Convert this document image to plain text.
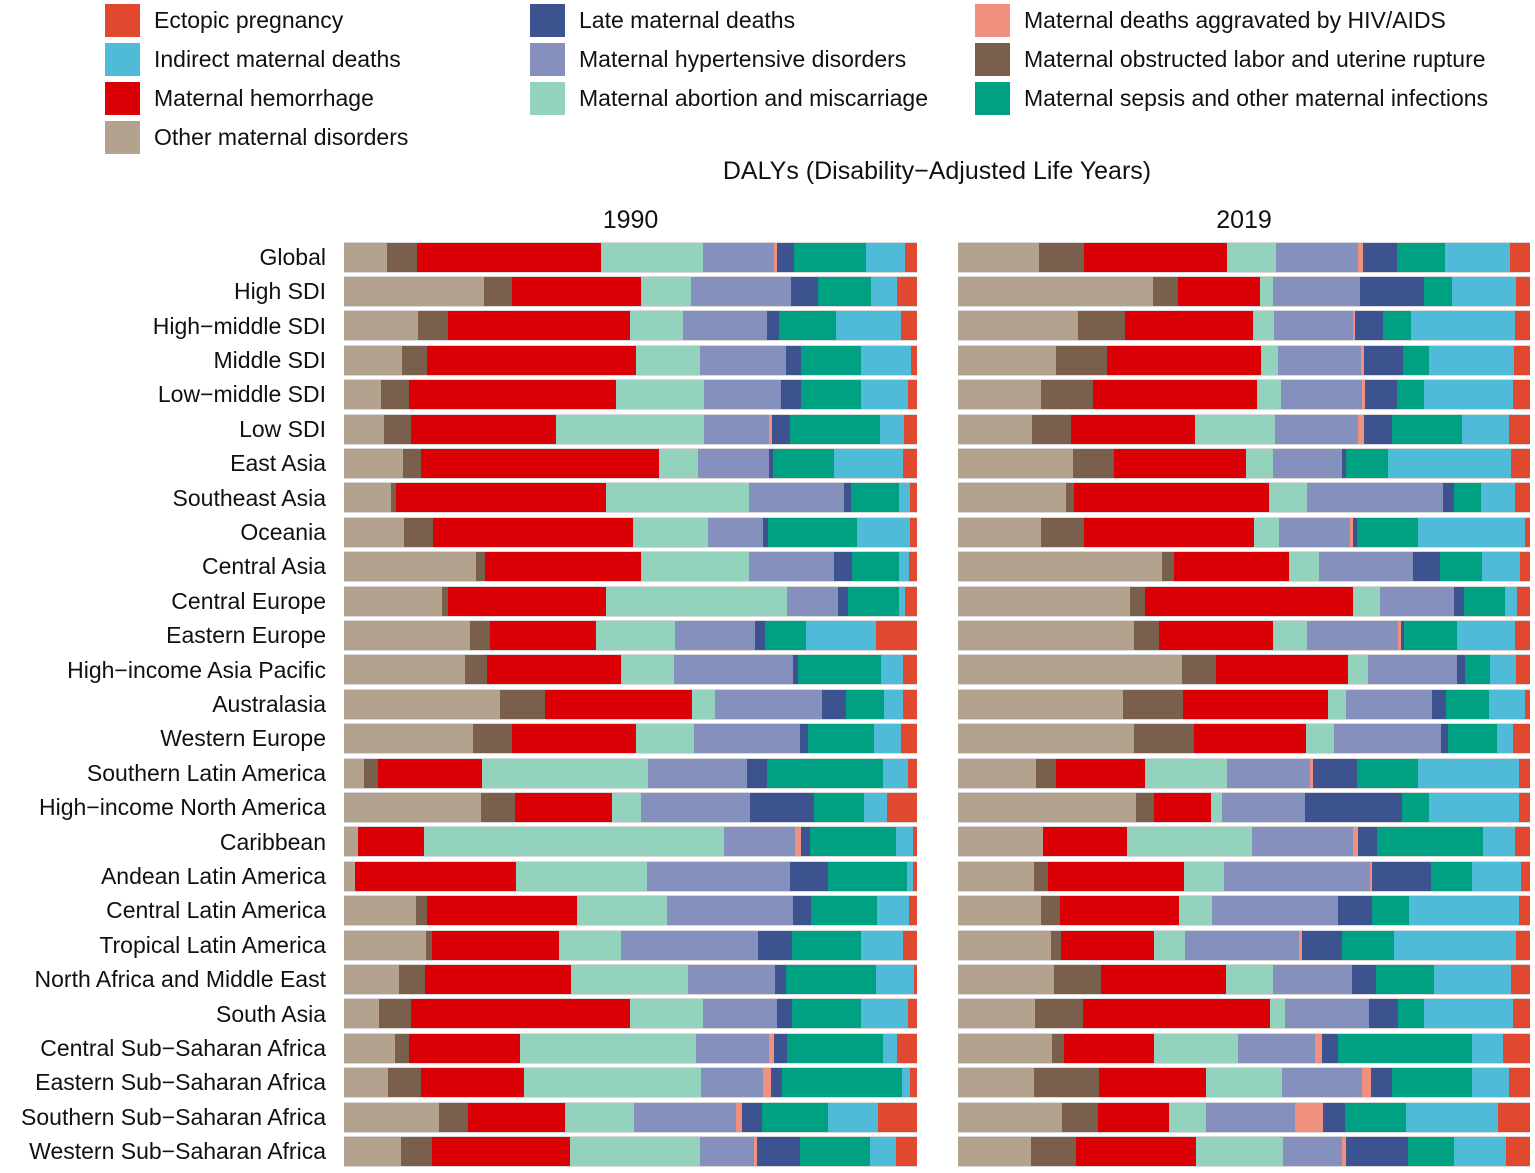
Ectopic pregnancy
Indirect maternal deaths
Maternal hemorrhage
Other maternal disorders
Late maternal deaths
Maternal hypertensive disorders
Maternal abortion and miscarriage
Maternal deaths aggravated by HIV/AIDS
Maternal obstructed labor and uterine rupture
Maternal sepsis and other maternal infections
DALYs (Disability−Adjusted Life Years)
1990	2019
Global
High SDI
High−middle SDI
Middle SDI
Low−middle SDI
Low SDI
East Asia
Southeast Asia
Oceania
Central Asia
Central Europe
Eastern Europe
High−income Asia Pacific
Australasia
Western Europe
Southern Latin America
High−income North America
Caribbean
Andean Latin America
Central Latin America
Tropical Latin America
North Africa and Middle East
South Asia
Central Sub−Saharan Africa
Eastern Sub−Saharan Africa
Southern Sub−Saharan Africa
Western Sub−Saharan Africa
